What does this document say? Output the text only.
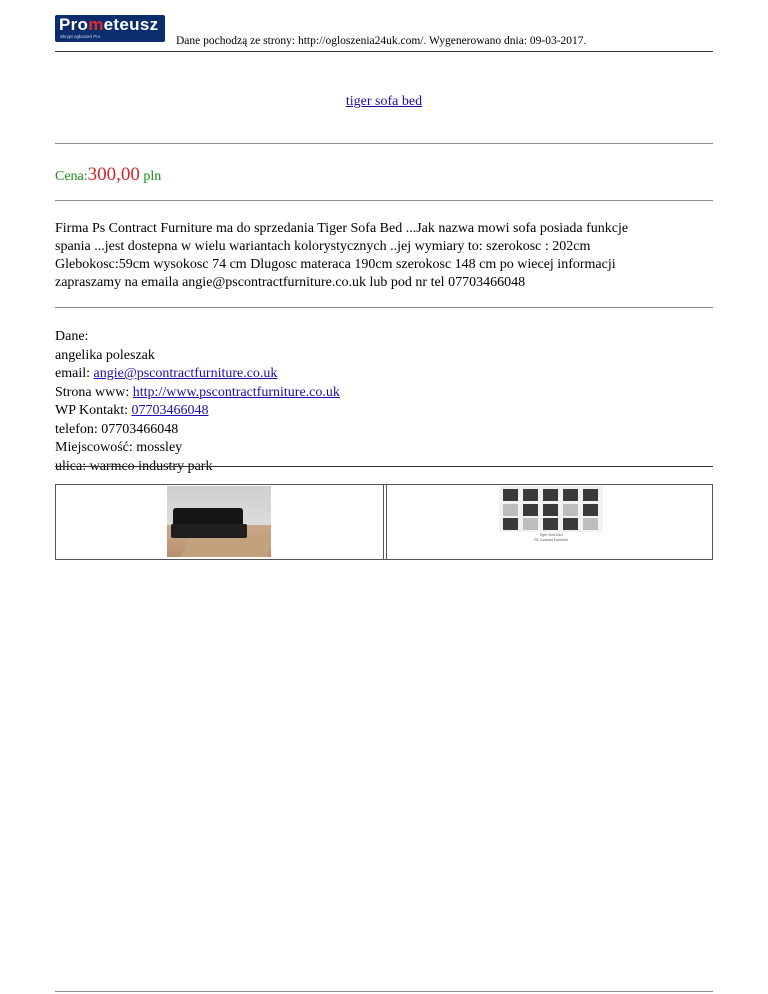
Prometeusz
Skrypt ogłoszeń Pro	Dane pochodzą ze strony: http://ogloszenia24uk.com/. Wygenerowano dnia: 09-03-2017.
tiger sofa bed
Cena:300,00 pln
Firma Ps Contract Furniture ma do sprzedania Tiger Sofa Bed ...Jak nazwa mowi sofa posiada funkcje
spania ...jest dostepna w wielu wariantach kolorystycznych ..jej wymiary to: szerokosc : 202cm
Glebokosc:59cm wysokosc 74 cm Dlugosc materaca 190cm szerokosc 148 cm po wiecej informacji
zapraszamy na emaila angie@pscontractfurniture.co.uk lub pod nr tel 07703466048
Dane:
angelika poleszak
email: angie@pscontractfurniture.co.uk
Strona www: http://www.pscontractfurniture.co.uk
WP Kontakt: 07703466048
telefon: 07703466048
Miejscowość: mossley
ulica: warmco industry park
Tiger Sofa Bed
PS Contract Furniture
